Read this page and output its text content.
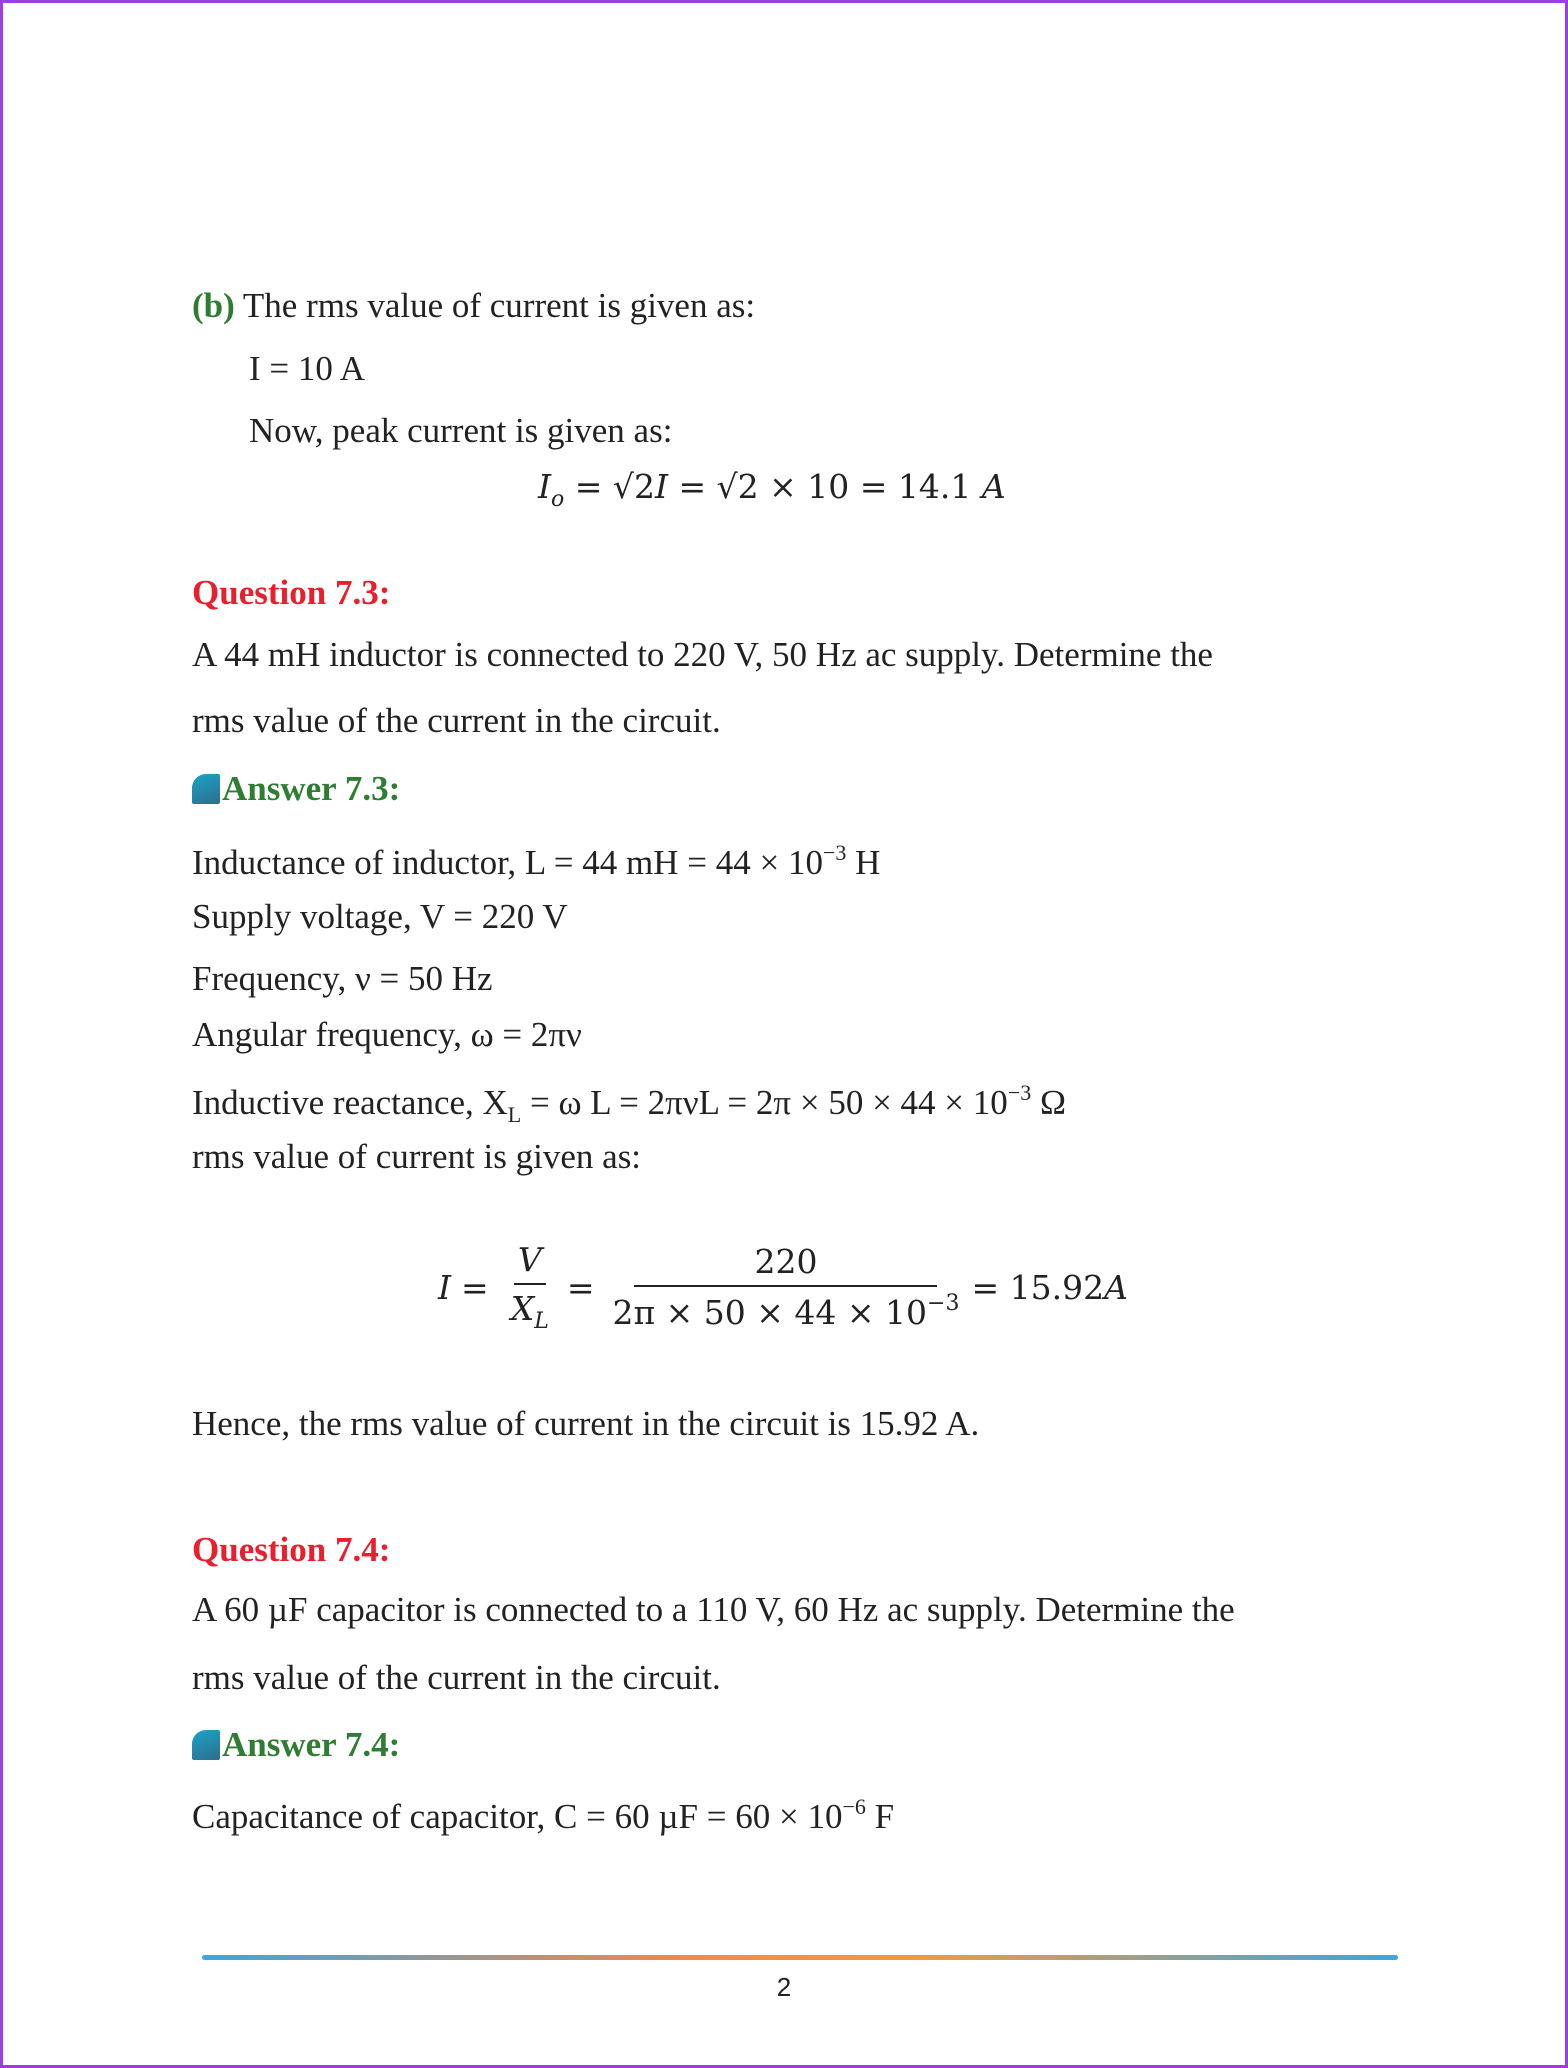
(b) The rms value of current is given as:
I = 10 A
Now, peak current is given as:
$I_o = √2I = √2 \times 10 = 14.1$ A
Question 7.3:
A 44 mH inductor is connected to 220 V, 50 Hz ac supply. Determine the
rms value of the current in the circuit.
Answer 7.3:
Inductance of inductor, L = 44 mH = $44 \times 10^{-3}$ H
Supply voltage, V = 220 V
Frequency, ν = 50 Hz
Angular frequency, ω = 2πν
Inductive reactance, $X_L = \omega$ $L = 2\pi\nu L = 2\pi \times 50 \times 44 \times 10^{-3}$ Ω
rms value of current is given as:
$I = \frac{V}{X_L} = \frac{220}{2\pi \times 50 \times 44 \times 10^{-3}} = 15.92$ A
Hence, the rms value of current in the circuit is 15.92 A.
Question 7.4:
A 60 µF capacitor is connected to a 110 V, 60 Hz ac supply. Determine the
rms value of the current in the circuit.
Answer 7.4:
Capacitance of capacitor, C = 60 $\mu F = 60 \times 10^{-6}$ F
2
